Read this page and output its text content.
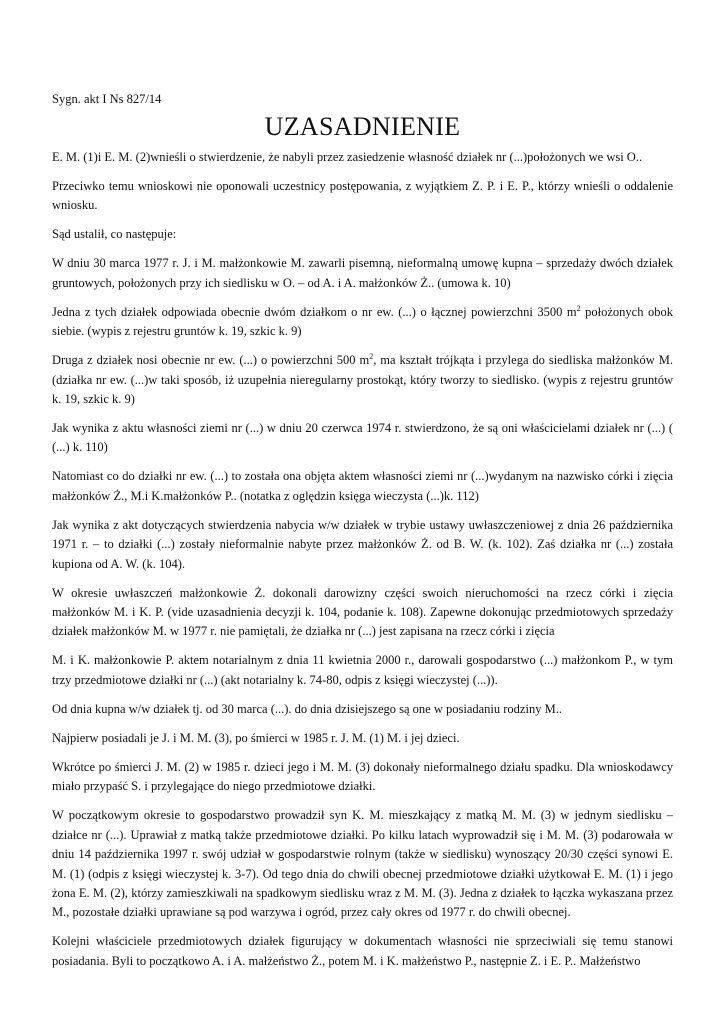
Sygn. akt I Ns 827/14
UZASADNIENIE

E. M. (1)i E. M. (2)wnieśli o stwierdzenie, że nabyli przez zasiedzenie własność działek nr (...)położonych we wsi O..

Przeciwko temu wnioskowi nie oponowali uczestnicy postępowania, z wyjątkiem Z. P. i E. P., którzy wnieśli o oddalenie wniosku.

Sąd ustalił, co następuje:

W dniu 30 marca 1977 r. J. i M. małżonkowie M. zawarli pisemną, nieformalną umowę kupna – sprzedaży dwóch działek gruntowych, położonych przy ich siedlisku w O. – od A. i A. małżonków Ż.. (umowa k. 10)

Jedna z tych działek odpowiada obecnie dwóm działkom o nr ew. (...) o łącznej powierzchni 3500 $m^2$ położonych obok siebie. (wypis z rejestru gruntów k. 19, szkic k. 9)

Druga z działek nosi obecnie nr ew. (...) o powierzchni 500 $m^2$, ma kształt trójkąta i przylega do siedliska małżonków M.(działka nr ew. (...)w taki sposób, iż uzupełnia nieregularny prostokąt, który tworzy to siedlisko. (wypis z rejestru gruntów k. 19, szkic k. 9)

Jak wynika z aktu własności ziemi nr (...) w dniu 20 czerwca 1974 r. stwierdzono, że są oni właścicielami działek nr (...) ( (...) k. 110)

Natomiast co do działki nr ew. (...) to została ona objęta aktem własności ziemi nr (...)wydanym na nazwisko córki i zięcia małżonków Ż., M.i K.małżonków P.. (notatka z oględzin księga wieczysta (...)k. 112)

Jak wynika z akt dotyczących stwierdzenia nabycia w/w działek w trybie ustawy uwłaszczeniowej z dnia 26 października 1971 r. – to działki (...) zostały nieformalnie nabyte przez małżonków Ż. od B. W. (k. 102). Zaś działka nr (...) została kupiona od A. W. (k. 104).

W okresie uwłaszczeń małżonkowie Ż. dokonali darowizny części swoich nieruchomości na rzecz córki i zięcia małżonków M. i K. P. (vide uzasadnienia decyzji k. 104, podanie k. 108). Zapewne dokonując przedmiotowych sprzedaży działek małżonków M. w 1977 r. nie pamiętali, że działka nr (...) jest zapisana na rzecz córki i zięcia

M. i K. małżonkowie P. aktem notarialnym z dnia 11 kwietnia 2000 r., darowali gospodarstwo (...) małżonkom P., w tym trzy przedmiotowe działki nr (...) (akt notarialny k. 74-80, odpis z księgi wieczystej (...)).

Od dnia kupna w/w działek tj. od 30 marca (...). do dnia dzisiejszego są one w posiadaniu rodziny M..

Najpierw posiadali je J. i M. M. (3), po śmierci w 1985 r. J. M. (1) M. i jej dzieci.

Wkrótce po śmierci J. M. (2) w 1985 r. dzieci jego i M. M. (3) dokonały nieformalnego działu spadku. Dla wnioskodawcy miało przypaść S. i przylegające do niego przedmiotowe działki.

W początkowym okresie to gospodarstwo prowadził syn K. M. mieszkający z matką M. M. (3) w jednym siedlisku – działce nr (...). Uprawiał z matką także przedmiotowe działki. Po kilku latach wyprowadził się i M. M. (3) podarowała w dniu 14 października 1997 r. swój udział w gospodarstwie rolnym (także w siedlisku) wynoszący 20/30 części synowi E. M. (1) (odpis z księgi wieczystej k. 3-7). Od tego dnia do chwili obecnej przedmiotowe działki użytkował E. M. (1) i jego żona E. M. (2), którzy zamieszkiwali na spadkowym siedlisku wraz z M. M. (3). Jedna z działek to łączka wykaszana przez M., pozostałe działki uprawiane są pod warzywa i ogród, przez cały okres od 1977 r. do chwili obecnej.

Kolejni właściciele przedmiotowych działek figurujący w dokumentach własności nie sprzeciwiali się temu stanowi posiadania. Byli to początkowo A. i A. małżeństwo Ż., potem M. i K. małżeństwo P., następnie Z. i E. P.. Małżeństwo
